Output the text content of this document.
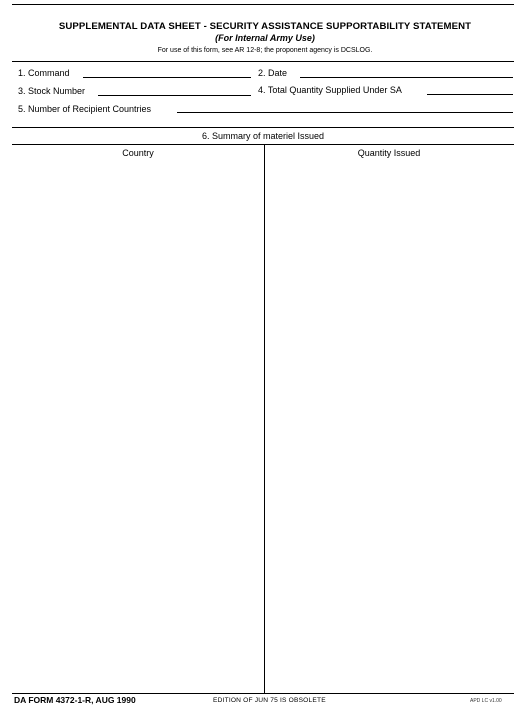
SUPPLEMENTAL DATA SHEET - SECURITY ASSISTANCE SUPPORTABILITY STATEMENT
(For Internal Army Use)
For use of this form, see AR 12-8; the proponent agency is DCSLOG.
1. Command	2. Date
3. Stock Number	4. Total Quantity Supplied Under SA
5. Number of Recipient Countries
6. Summary of materiel Issued
Country	Quantity Issued
DA FORM 4372-1-R, AUG 1990	EDITION OF JUN 75 IS OBSOLETE	APD LC v1.00
